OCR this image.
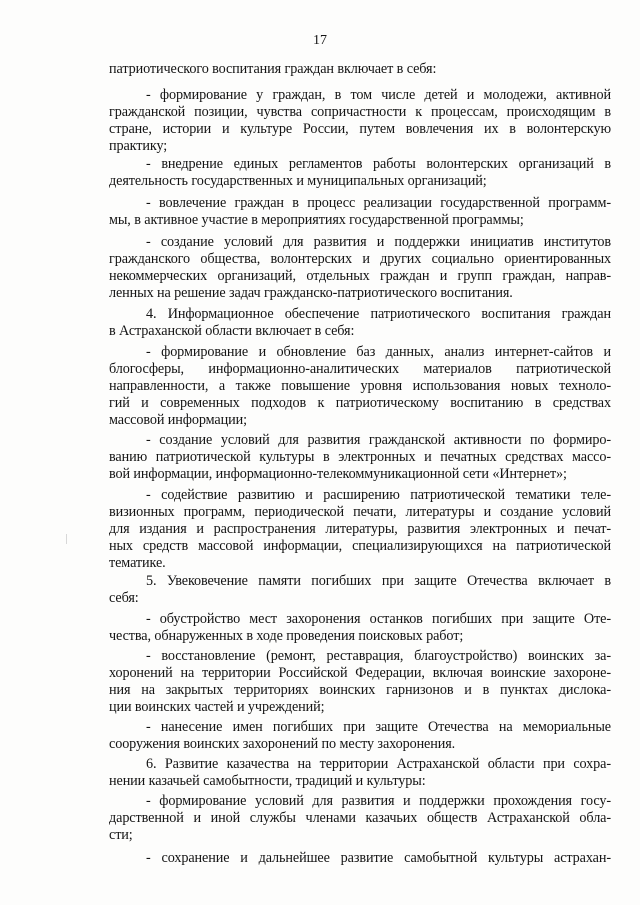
17
патриотического воспитания граждан включает в себя:
- формирование у граждан, в том числе детей и молодежи, активной
гражданской позиции, чувства сопричастности к процессам, происходящим в
стране, истории и культуре России, путем вовлечения их в волонтерскую
практику;
- внедрение единых регламентов работы волонтерских организаций в
деятельность государственных и муниципальных организаций;
- вовлечение граждан в процесс реализации государственной программ-
мы, в активное участие в мероприятиях государственной программы;
- создание условий для развития и поддержки инициатив институтов
гражданского общества, волонтерских и других социально ориентированных
некоммерческих организаций, отдельных граждан и групп граждан, направ-
ленных на решение задач гражданско-патриотического воспитания.
4. Информационное обеспечение патриотического воспитания граждан
в Астраханской области включает в себя:
- формирование и обновление баз данных, анализ интернет-сайтов и
блогосферы, информационно-аналитических материалов патриотической
направленности, а также повышение уровня использования новых техноло-
гий и современных подходов к патриотическому воспитанию в средствах
массовой информации;
- создание условий для развития гражданской активности по формиро-
ванию патриотической культуры в электронных и печатных средствах массо-
вой информации, информационно-телекоммуникационной сети «Интернет»;
- содействие развитию и расширению патриотической тематики теле-
визионных программ, периодической печати, литературы и создание условий
для издания и распространения литературы, развития электронных и печат-
ных средств массовой информации, специализирующихся на патриотической
тематике.
5. Увековечение памяти погибших при защите Отечества включает в
себя:
- обустройство мест захоронения останков погибших при защите Оте-
чества, обнаруженных в ходе проведения поисковых работ;
- восстановление (ремонт, реставрация, благоустройство) воинских за-
хоронений на территории Российской Федерации, включая воинские захороне-
ния на закрытых территориях воинских гарнизонов и в пунктах дислока-
ции воинских частей и учреждений;
- нанесение имен погибших при защите Отечества на мемориальные
сооружения воинских захоронений по месту захоронения.
6. Развитие казачества на территории Астраханской области при сохра-
нении казачьей самобытности, традиций и культуры:
- формирование условий для развития и поддержки прохождения госу-
дарственной и иной службы членами казачьих обществ Астраханской обла-
сти;
- сохранение и дальнейшее развитие самобытной культуры астрахан-
